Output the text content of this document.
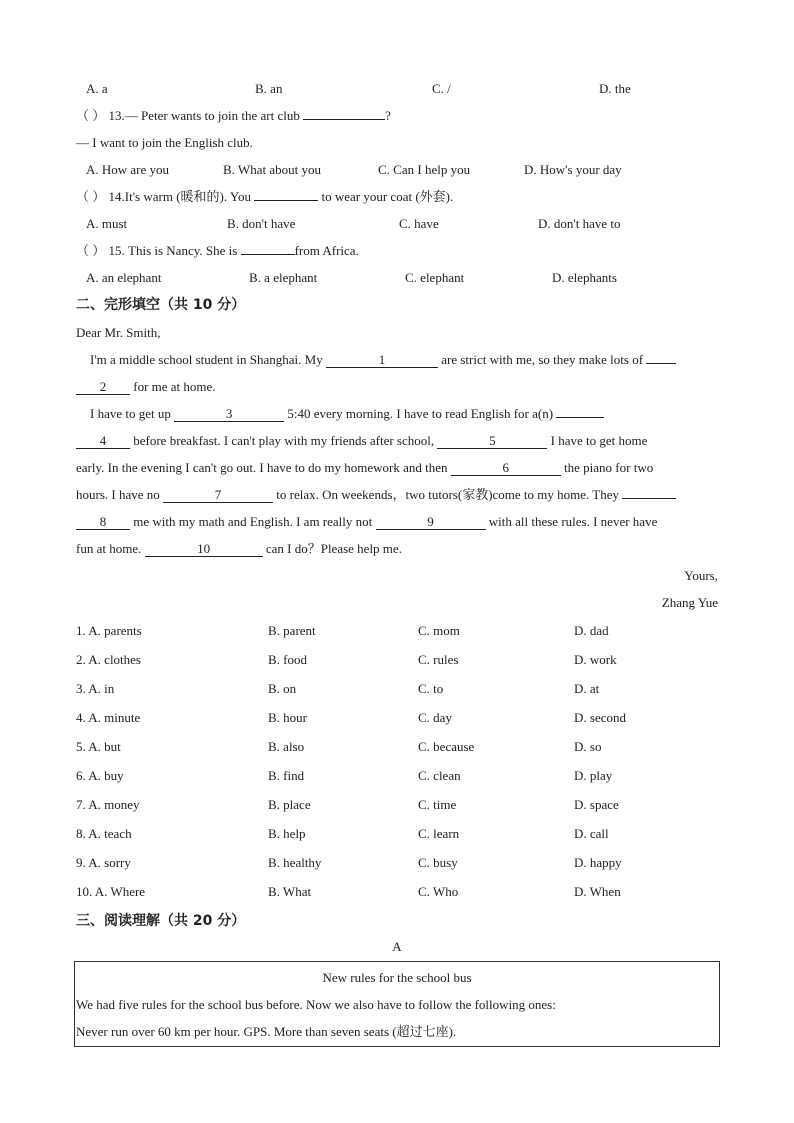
A. a	B. an	C. /	D. the
（ ） 13.— Peter wants to join the art club	?
— I want to join the English club.
A. How are you	B. What about you	C. Can I help you	D. How's your day
（ ） 14.It's warm (暖和的). You	to wear your coat (外套).
A. must	B. don't have	C. have	D. don't have to
（ ） 15. This is Nancy. She is	from Africa.
A. an elephant	B. a elephant	C. elephant	D. elephants
二、完形填空（共 10 分）
Dear Mr. Smith,
I'm a middle school student in Shanghai. My	1	are strict with me, so they make lots of
2 for me at home.
I have to get up	3	5:40 every morning. I have to read English for a(n)
4 before breakfast. I can't play with my friends after school,	5	I have to get home
early. In the evening I can't go out. I have to do my homework and then	6	the piano for two
hours. I have no	7	to relax. On weekends，two tutors(家教)come to my home. They
8 me with my math and English. I am really not	9	with all these rules. I never have
fun at home.	10	can I do？Please help me.
Yours,
Zhang Yue
1. A. parents	B. parent	C. mom	D. dad
2. A. clothes	B. food	C. rules	D. work
3. A. in	B. on	C. to	D. at
4. A. minute	B. hour	C. day	D. second
5. A. but	B. also	C. because	D. so
6. A. buy	B. find	C. clean	D. play
7. A. money	B. place	C. time	D. space
8. A. teach	B. help	C. learn	D. call
9. A. sorry	B. healthy	C. busy	D. happy
10. A. Where	B. What	C. Who	D. When
三、阅读理解（共 20 分）
A
New rules for the school bus
We had five rules for the school bus before. Now we also have to follow the following ones:
Never run over 60 km per hour. GPS. More than seven seats (超过七座).
